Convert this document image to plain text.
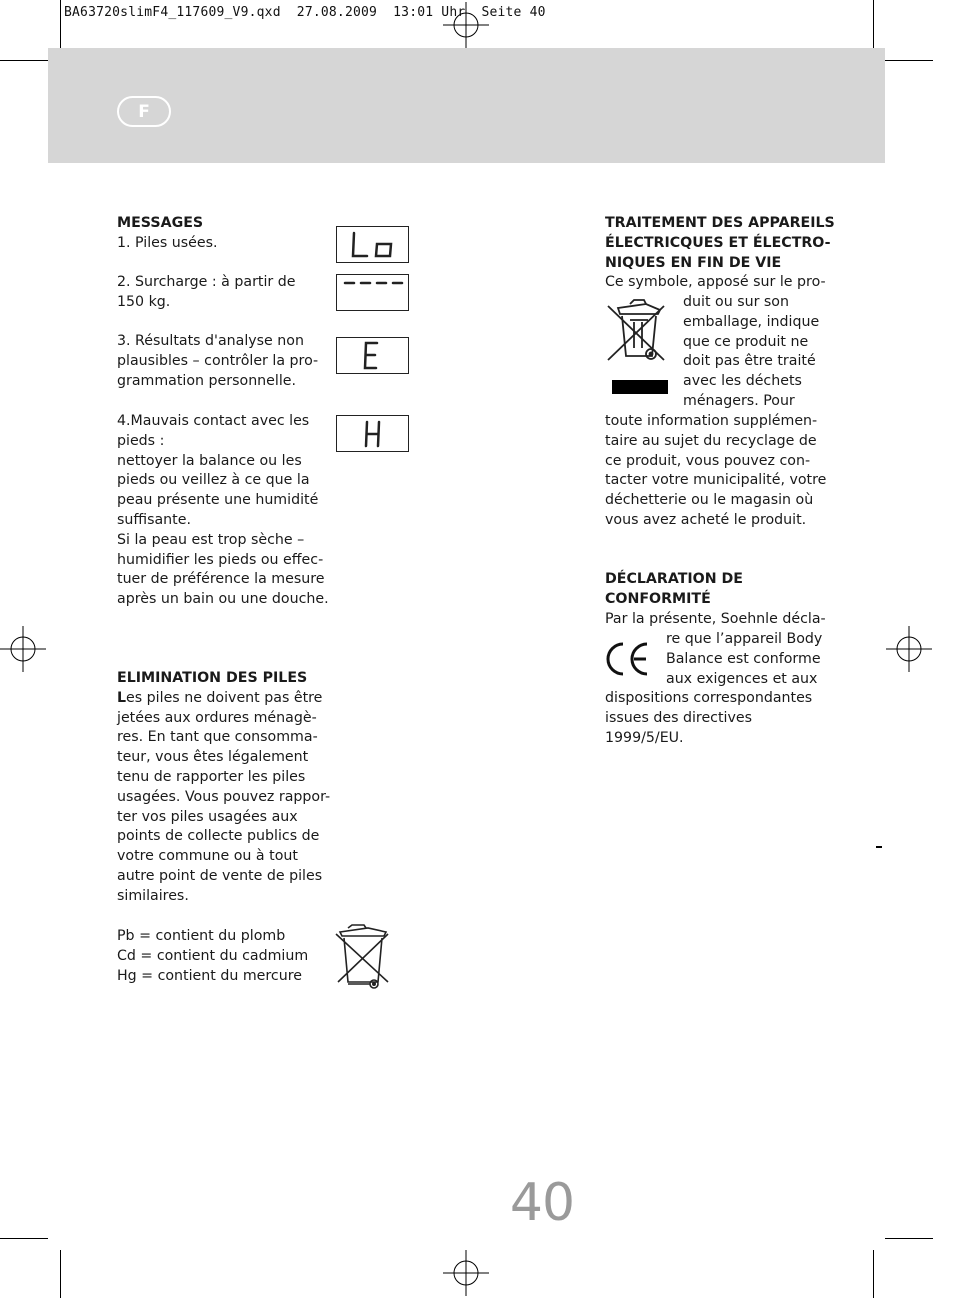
BA63720slimF4_117609_V9.qxd 27.08.2009 13:01 Uhr Seite 40
F

MESSAGES

1. Piles usées.

2. Surcharge : à partir de

150 kg.

3. Résultats d'analyse non

plausibles – contrôler la pro-

grammation personnelle.

4.Mauvais contact avec les

pieds :

nettoyer la balance ou les

pieds ou veillez à ce que la

peau présente une humidité

suffisante.

Si la peau est trop sèche –

humidifier les pieds ou effec-

tuer de préférence la mesure

après un bain ou une douche.

ELIMINATION DES PILES

Les piles ne doivent pas être

jetées aux ordures ménagè-

res. En tant que consomma-

teur, vous êtes légalement

tenu de rapporter les piles

usagées. Vous pouvez rappor-

ter vos piles usagées aux

points de collecte publics de

votre commune ou à tout

autre point de vente de piles

similaires.

Pb = contient du plomb

Cd = contient du cadmium

Hg = contient du mercure

TRAITEMENT DES APPAREILS

ÉLECTRICQUES ET ÉLECTRO-

NIQUES EN FIN DE VIE

Ce symbole, apposé sur le pro-

duit ou sur son

emballage, indique

que ce produit ne

doit pas être traité

avec les déchets

ménagers. Pour

toute information supplémen-

taire au sujet du recyclage de

ce produit, vous pouvez con-

tacter votre municipalité, votre

déchetterie ou le magasin où

vous avez acheté le produit.

DÉCLARATION DE

CONFORMITÉ

Par la présente, Soehnle décla-

re que l’appareil Body

Balance est conforme

aux exigences et aux

dispositions correspondantes

issues des directives

1999/5/EU.

40
